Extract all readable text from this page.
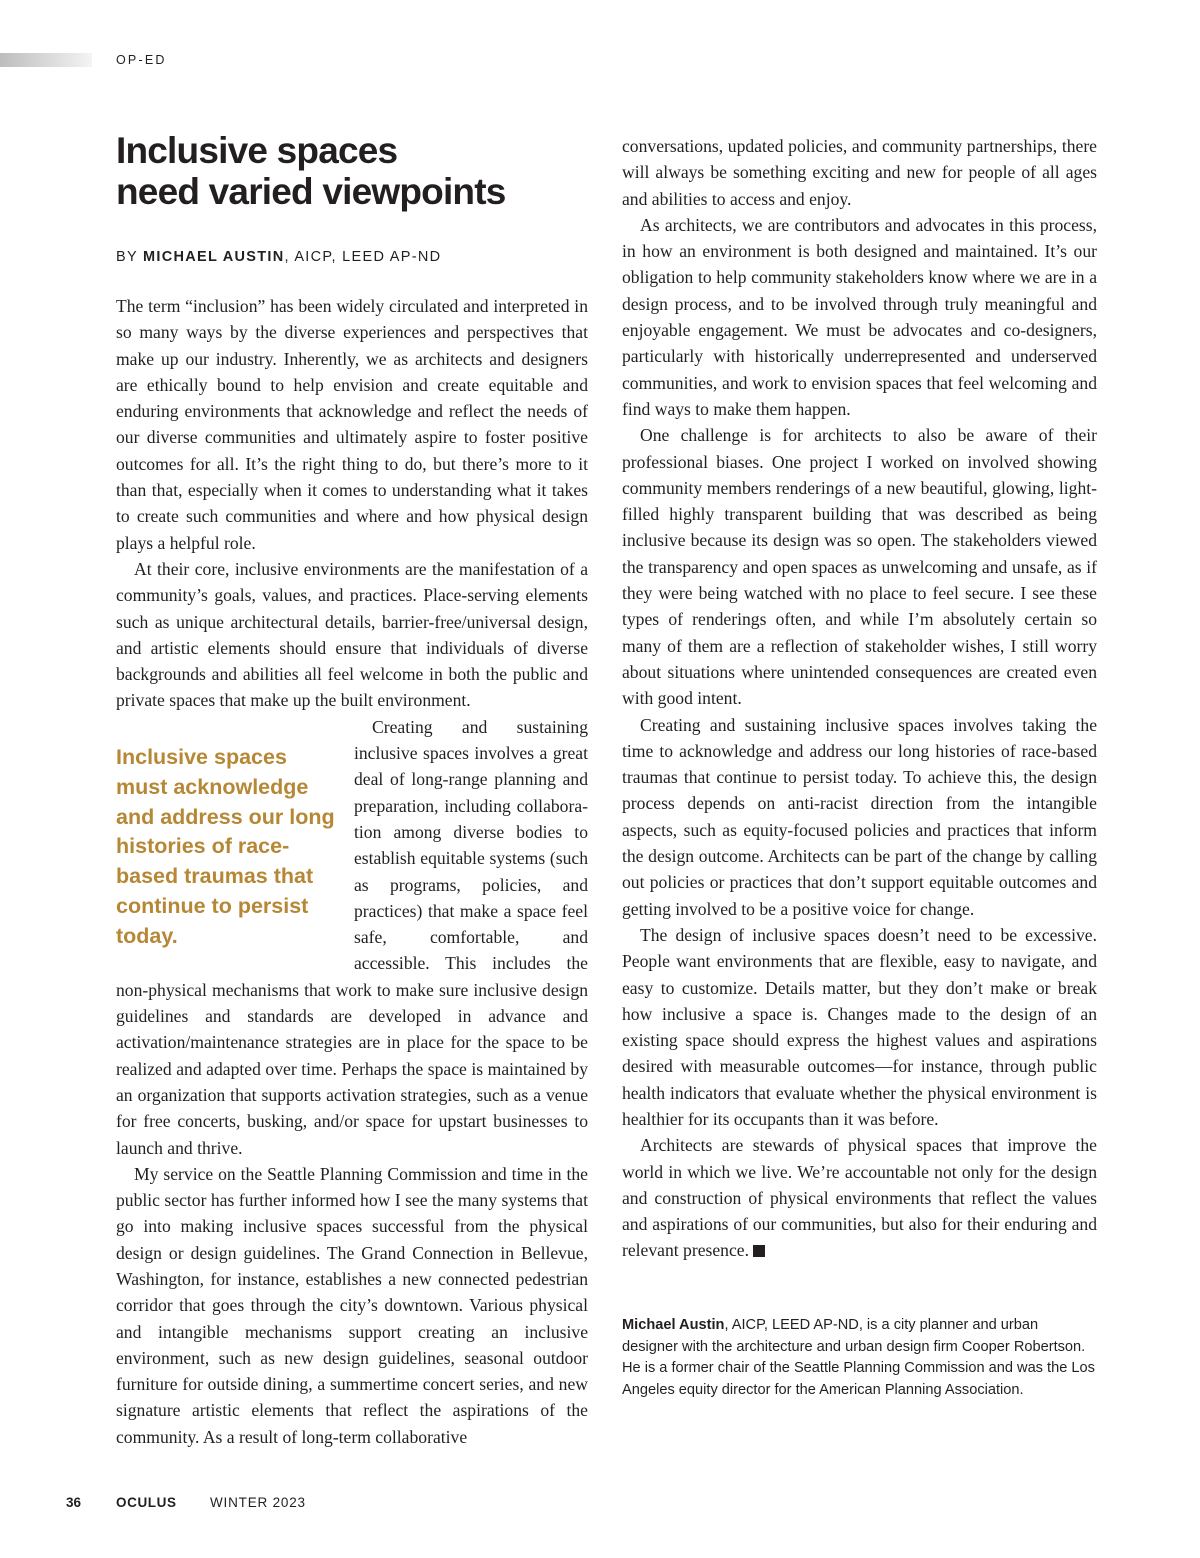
OP-ED
Inclusive spaces
need varied viewpoints
BY MICHAEL AUSTIN, AICP, LEED AP-ND

The term “inclusion” has been widely circulated and interpreted in so many ways by the diverse experiences and perspectives that make up our industry. Inherently, we as architects and designers are ethically bound to help envision and create equitable and enduring environments that acknowledge and reflect the needs of our diverse communities and ultimately aspire to foster positive outcomes for all. It’s the right thing to do, but there’s more to it than that, especially when it comes to understanding what it takes to create such communities and where and how physical design plays a helpful role.

At their core, inclusive environments are the manifestation of a community’s goals, values, and practices. Place-serving elements such as unique architectural details, barrier-free/universal design, and artistic elements should ensure that individuals of diverse backgrounds and abilities all feel welcome in both the public and private spaces that make up the built environment.

Inclusive spaces must acknowledge and address our long histories of race-based traumas that continue to persist today.
Creating and sustaining inclusive spaces involves a great deal of long-range planning and preparation, including collaboration among diverse bodies to establish equitable systems (such as programs, policies, and practices) that make a space feel safe, comfortable, and accessible. This includes the non-physical mechanisms that work to make sure inclusive design guidelines and standards are developed in advance and activation/maintenance strategies are in place for the space to be realized and adapted over time. Perhaps the space is maintained by an organization that supports activation strategies, such as a venue for free concerts, busking, and/or space for upstart businesses to launch and thrive.

My service on the Seattle Planning Commission and time in the public sector has further informed how I see the many systems that go into making inclusive spaces successful from the physical design or design guidelines. The Grand Connection in Bellevue, Washington, for instance, establishes a new connected pedestrian corridor that goes through the city’s downtown. Various physical and intangible mechanisms support creating an inclusive environment, such as new design guidelines, seasonal outdoor furniture for outside dining, a summertime concert series, and new signature artistic elements that reflect the aspirations of the community. As a result of long-term collaborative

conversations, updated policies, and community partnerships, there will always be something exciting and new for people of all ages and abilities to access and enjoy.

As architects, we are contributors and advocates in this process, in how an environment is both designed and maintained. It’s our obligation to help community stakeholders know where we are in a design process, and to be involved through truly meaningful and enjoyable engagement. We must be advocates and co-designers, particularly with historically underrepresented and underserved communities, and work to envision spaces that feel welcoming and find ways to make them happen.

One challenge is for architects to also be aware of their professional biases. One project I worked on involved showing community members renderings of a new beautiful, glowing, light-filled highly transparent building that was described as being inclusive because its design was so open. The stakeholders viewed the transparency and open spaces as unwelcoming and unsafe, as if they were being watched with no place to feel secure. I see these types of renderings often, and while I’m absolutely certain so many of them are a reflection of stakeholder wishes, I still worry about situations where unintended consequences are created even with good intent.

Creating and sustaining inclusive spaces involves taking the time to acknowledge and address our long histories of race-based traumas that continue to persist today. To achieve this, the design process depends on anti-racist direction from the intangible aspects, such as equity-focused policies and practices that inform the design outcome. Architects can be part of the change by calling out policies or practices that don’t support equitable outcomes and getting involved to be a positive voice for change.

The design of inclusive spaces doesn’t need to be excessive. People want environments that are flexible, easy to navigate, and easy to customize. Details matter, but they don’t make or break how inclusive a space is. Changes made to the design of an existing space should express the highest values and aspirations desired with measurable outcomes—for instance, through public health indicators that evaluate whether the physical environment is healthier for its occupants than it was before.

Architects are stewards of physical spaces that improve the world in which we live. We’re accountable not only for the design and construction of physical environments that reflect the values and aspirations of our communities, but also for their enduring and relevant presence.

Michael Austin, AICP, LEED AP-ND, is a city planner and urban designer with the architecture and urban design firm Cooper Robertson. He is a former chair of the Seattle Planning Commission and was the Los Angeles equity director for the American Planning Association.
36	OCULUS WINTER 2023
